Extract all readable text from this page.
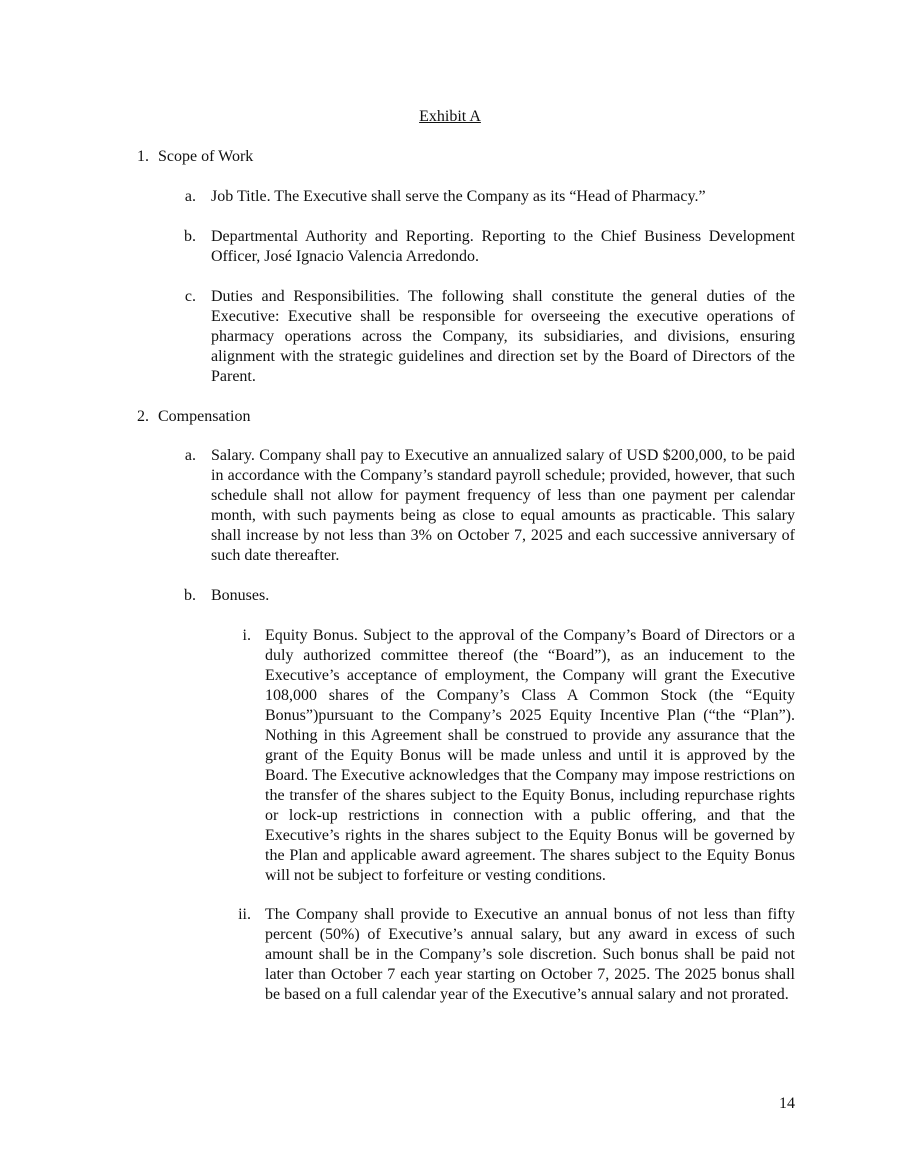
Exhibit A
1. Scope of Work
a. Job Title. The Executive shall serve the Company as its “Head of Pharmacy.”
b. Departmental Authority and Reporting. Reporting to the Chief Business Development Officer, José Ignacio Valencia Arredondo.
c. Duties and Responsibilities. The following shall constitute the general duties of the Executive: Executive shall be responsible for overseeing the executive operations of pharmacy operations across the Company, its subsidiaries, and divisions, ensuring alignment with the strategic guidelines and direction set by the Board of Directors of the Parent.
2. Compensation
a. Salary. Company shall pay to Executive an annualized salary of USD $200,000, to be paid in accordance with the Company’s standard payroll schedule; provided, however, that such schedule shall not allow for payment frequency of less than one payment per calendar month, with such payments being as close to equal amounts as practicable. This salary shall increase by not less than 3% on October 7, 2025 and each successive anniversary of such date thereafter.
b. Bonuses.
i. Equity Bonus. Subject to the approval of the Company’s Board of Directors or a duly authorized committee thereof (the “Board”), as an inducement to the Executive’s acceptance of employment, the Company will grant the Executive 108,000 shares of the Company’s Class A Common Stock (the “Equity Bonus”)pursuant to the Company’s 2025 Equity Incentive Plan (“the “Plan”). Nothing in this Agreement shall be construed to provide any assurance that the grant of the Equity Bonus will be made unless and until it is approved by the Board. The Executive acknowledges that the Company may impose restrictions on the transfer of the shares subject to the Equity Bonus, including repurchase rights or lock-up restrictions in connection with a public offering, and that the Executive’s rights in the shares subject to the Equity Bonus will be governed by the Plan and applicable award agreement. The shares subject to the Equity Bonus will not be subject to forfeiture or vesting conditions.
ii. The Company shall provide to Executive an annual bonus of not less than fifty percent (50%) of Executive’s annual salary, but any award in excess of such amount shall be in the Company’s sole discretion. Such bonus shall be paid not later than October 7 each year starting on October 7, 2025. The 2025 bonus shall be based on a full calendar year of the Executive’s annual salary and not prorated.
14
